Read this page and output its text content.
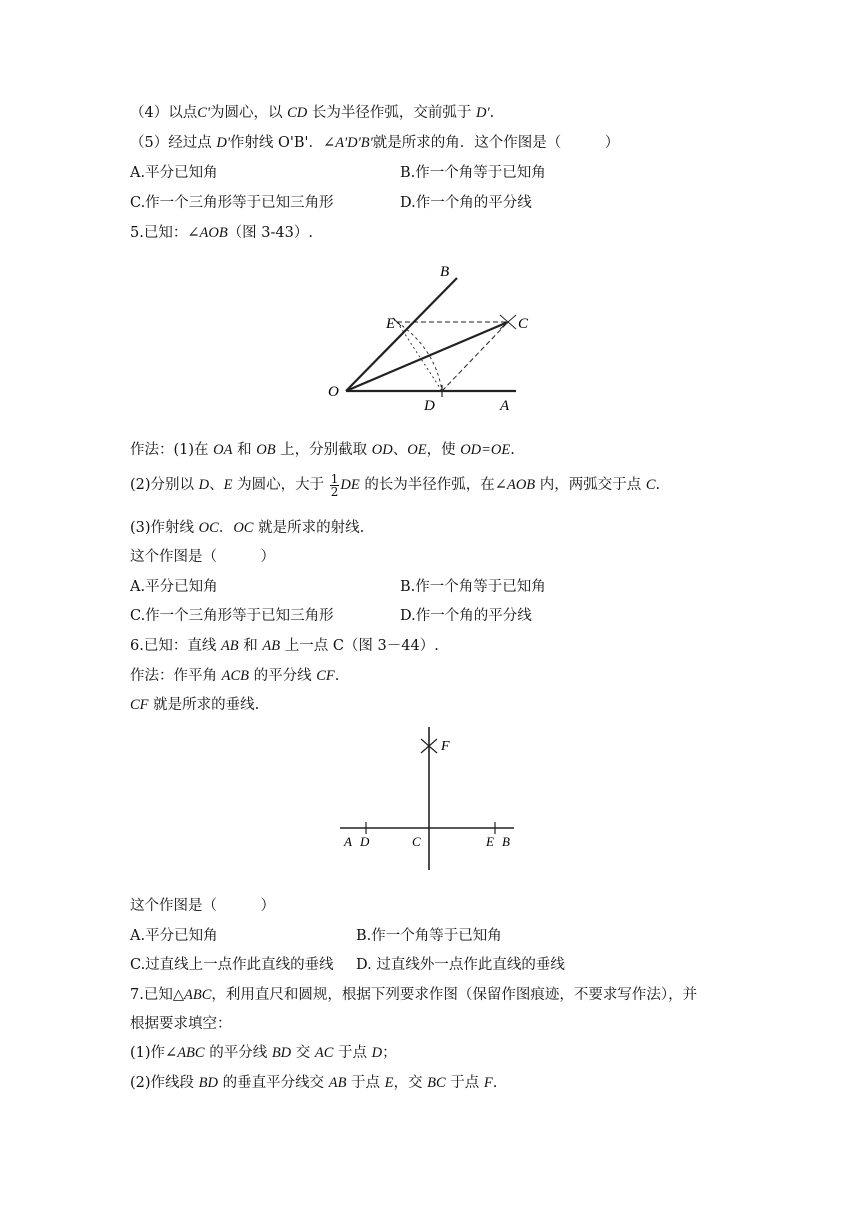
（4）以点C'为圆心，以 CD 长为半径作弧，交前弧于 D'.
（5）经过点 D'作射线 O'B'．∠A'D'B'就是所求的角．这个作图是（　　　）
A.平分已知角	B.作一个角等于已知角
C.作一个三角形等于已知三角形	D.作一个角的平分线
5.已知：∠AOB（图 3-43）.
B
E	C
O
D	A
作法：(1)在 OA 和 OB 上，分别截取 OD、OE，使 OD=OE.
(2)分别以 D、E 为圆心，大于 $\frac{1}{2}$ DE 的长为半径作弧，在∠AOB 内，两弧交于点 C.
(3)作射线 OC．OC 就是所求的射线.
这个作图是（　　　）
A.平分已知角	B.作一个角等于已知角
C.作一个三角形等于已知三角形	D.作一个角的平分线
6.已知：直线 AB 和 AB 上一点 C（图 3－44）.
作法：作平角 ACB 的平分线 CF.
CF 就是所求的垂线.
F
A D	C	E B
这个作图是（　　　）
A.平分已知角	B.作一个角等于已知角
C.过直线上一点作此直线的垂线 D. 过直线外一点作此直线的垂线
7.已知△ABC，利用直尺和圆规，根据下列要求作图（保留作图痕迹，不要求写作法），并
根据要求填空：
(1)作∠ABC 的平分线 BD 交 AC 于点 D；
(2)作线段 BD 的垂直平分线交 AB 于点 E，交 BC 于点 F.
